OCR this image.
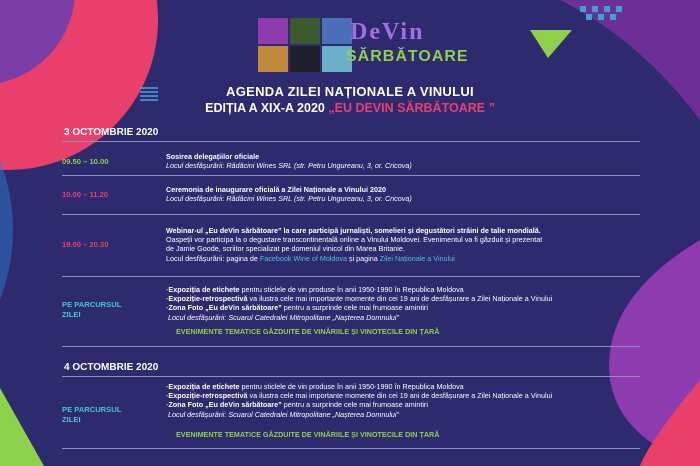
DeVin
SĂRBĂTOARE
AGENDA ZILEI NAȚIONALE A VINULUI
EDIȚIA A XIX-A 2020 „EU DEVIN SĂRBĂTOARE ”
3 OCTOMBRIE 2020
09.50 – 10.00
Sosirea delegațiilor oficiale
Locul desfășurării: Rădăcini Wines SRL (str. Petru Ungureanu, 3, or. Cricova)
10.00 – 11.20
Ceremonia de inaugurare oficială a Zilei Naționale a Vinului 2020
Locul desfășurării: Rădăcini Wines SRL (str. Petru Ungureanu, 3, or. Cricova)
19.00 – 20.30
Webinar-ul „Eu deVin sărbătoare” la care participă jurnaliști, somelieri și degustători străini de talie mondială.
Oaspeții vor participa la o degustare transcontinentală online a Vinului Moldovei. Evenimentul va fi găzduit și prezentat
de Jamie Goode, scriitor specializat pe domeniul vinicol din Marea Britanie.
Locul desfășurării: pagina de Facebook Wine of Moldova și pagina Zilei Naționale a Vinului
PE PARCURSUL
ZILEI
-Expoziția de etichete pentru sticlele de vin produse în anii 1950-1990 în Republica Moldova
-Expoziție-retrospectivă va ilustra cele mai importante momente din cei 19 ani de desfășurare a Zilei Naționale a Vinului
-Zona Foto „Eu deVin sărbătoare” pentru a surprinde cele mai frumoase amintiri
Locul desfășurării: Scuarul Catedralei Mitropolitane „Nașterea Domnului”
EVENIMENTE TEMATICE GĂZDUITE DE VINĂRIILE ȘI VINOTECILE DIN ȚARĂ
4 OCTOMBRIE 2020
PE PARCURSUL
ZILEI
-Expoziția de etichete pentru sticlele de vin produse în anii 1950-1990 în Republica Moldova
-Expoziție-retrospectivă va ilustra cele mai importante momente din cei 19 ani de desfășurare a Zilei Naționale a Vinului
-Zona Foto „Eu deVin sărbătoare” pentru a surprinde cele mai frumoase amintiri
Locul desfășurării: Scuarul Catedralei Mitropolitane „Nașterea Domnului”
EVENIMENTE TEMATICE GĂZDUITE DE VINĂRIILE ȘI VINOTECILE DIN ȚARĂ
